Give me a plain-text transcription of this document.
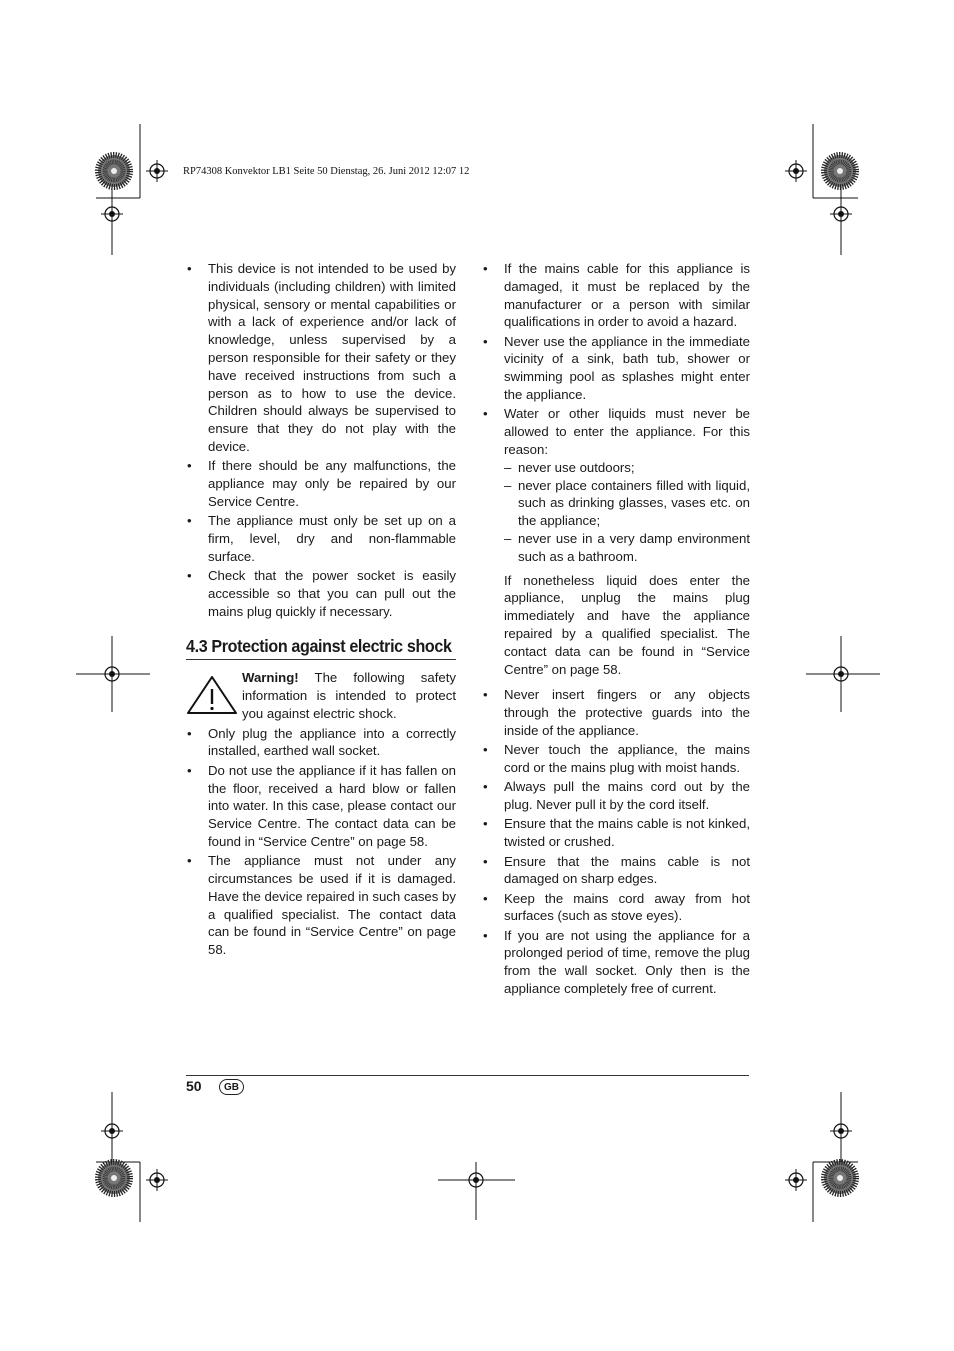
RP74308 Konvektor LB1 Seite 50 Dienstag, 26. Juni 2012 12:07 12
• This device is not intended to be used by individuals (including children) with limited physical, sensory or mental capabilities or with a lack of experience and/or lack of knowledge, unless supervised by a person responsible for their safety or they have received instructions from such a person as to how to use the device. Children should always be supervised to ensure that they do not play with the device.
• If there should be any malfunctions, the appliance may only be repaired by our Service Centre.
• The appliance must only be set up on a firm, level, dry and non-flammable surface.
• Check that the power socket is easily accessible so that you can pull out the mains plug quickly if necessary.
4.3 Protection against electric shock
Warning! The following safety information is intended to protect you against electric shock.
• Only plug the appliance into a correctly installed, earthed wall socket.
• Do not use the appliance if it has fallen on the floor, received a hard blow or fallen into water. In this case, please contact our Service Centre. The contact data can be found in “Service Centre” on page 58.
• The appliance must not under any circumstances be used if it is damaged. Have the device repaired in such cases by a qualified specialist. The contact data can be found in “Service Centre” on page 58.
• If the mains cable for this appliance is damaged, it must be replaced by the manufacturer or a person with similar qualifications in order to avoid a hazard.
• Never use the appliance in the immediate vicinity of a sink, bath tub, shower or swimming pool as splashes might enter the appliance.
• Water or other liquids must never be allowed to enter the appliance. For this reason:
– never use outdoors;
– never place containers filled with liquid, such as drinking glasses, vases etc. on the appliance;
– never use in a very damp environment such as a bathroom.
If nonetheless liquid does enter the appliance, unplug the mains plug immediately and have the appliance repaired by a qualified specialist. The contact data can be found in “Service Centre” on page 58.
• Never insert fingers or any objects through the protective guards into the inside of the appliance.
• Never touch the appliance, the mains cord or the mains plug with moist hands.
• Always pull the mains cord out by the plug. Never pull it by the cord itself.
• Ensure that the mains cable is not kinked, twisted or crushed.
• Ensure that the mains cable is not damaged on sharp edges.
• Keep the mains cord away from hot surfaces (such as stove eyes).
• If you are not using the appliance for a prolonged period of time, remove the plug from the wall socket. Only then is the appliance completely free of current.
50	GB
